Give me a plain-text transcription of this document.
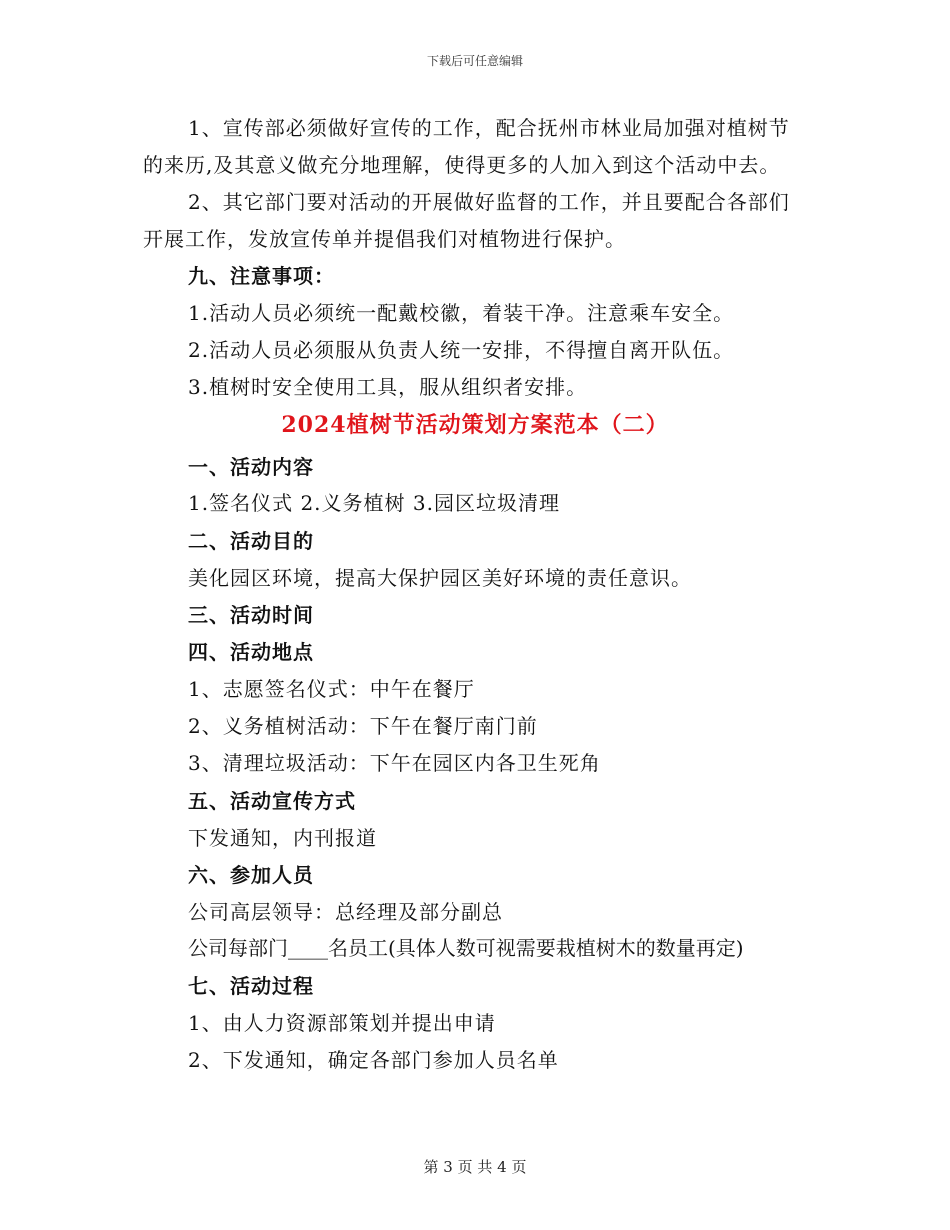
下载后可任意编辑
1、宣传部必须做好宣传的工作，配合抚州市林业局加强对植树节
的来历,及其意义做充分地理解，使得更多的人加入到这个活动中去。
2、其它部门要对活动的开展做好监督的工作，并且要配合各部们
开展工作，发放宣传单并提倡我们对植物进行保护。
九、注意事项：
1.活动人员必须统一配戴校徽，着装干净。注意乘车安全。
2.活动人员必须服从负责人统一安排，不得擅自离开队伍。
3.植树时安全使用工具，服从组织者安排。
2024植树节活动策划方案范本（二）
一、活动内容
1.签名仪式 2.义务植树 3.园区垃圾清理
二、活动目的
美化园区环境，提高大保护园区美好环境的责任意识。
三、活动时间
四、活动地点
1、志愿签名仪式：中午在餐厅
2、义务植树活动：下午在餐厅南门前
3、清理垃圾活动：下午在园区内各卫生死角
五、活动宣传方式
下发通知，内刊报道
六、参加人员
公司高层领导：总经理及部分副总
公司每部门____名员工(具体人数可视需要栽植树木的数量再定)
七、活动过程
1、由人力资源部策划并提出申请
2、下发通知，确定各部门参加人员名单
第 3 页 共 4 页
